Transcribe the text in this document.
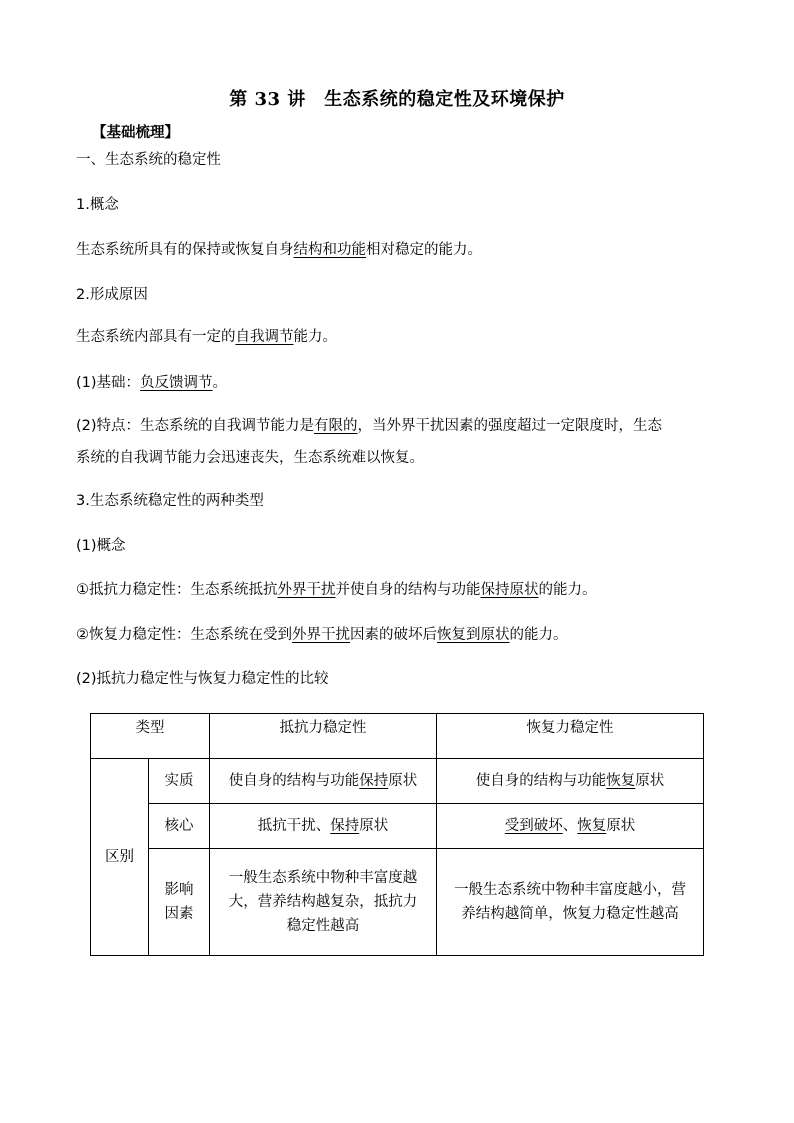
第 33 讲　生态系统的稳定性及环境保护
【基础梳理】
一、生态系统的稳定性
1.概念
生态系统所具有的保持或恢复自身结构和功能相对稳定的能力。
2.形成原因
生态系统内部具有一定的自我调节能力。
(1)基础：负反馈调节。
(2)特点：生态系统的自我调节能力是有限的，当外界干扰因素的强度超过一定限度时，生态
系统的自我调节能力会迅速丧失，生态系统难以恢复。
3.生态系统稳定性的两种类型
(1)概念
①抵抗力稳定性：生态系统抵抗外界干扰并使自身的结构与功能保持原状的能力。
②恢复力稳定性：生态系统在受到外界干扰因素的破坏后恢复到原状的能力。
(2)抵抗力稳定性与恢复力稳定性的比较
类型		抵抗力稳定性	恢复力稳定性
区别	实质	使自身的结构与功能保持原状	使自身的结构与功能恢复原状
	核心	抵抗干扰、保持原状	受到破坏、恢复原状
	影响
因素	一般生态系统中物种丰富度越
大，营养结构越复杂，抵抗力
稳定性越高	一般生态系统中物种丰富度越小，营
养结构越简单，恢复力稳定性越高
